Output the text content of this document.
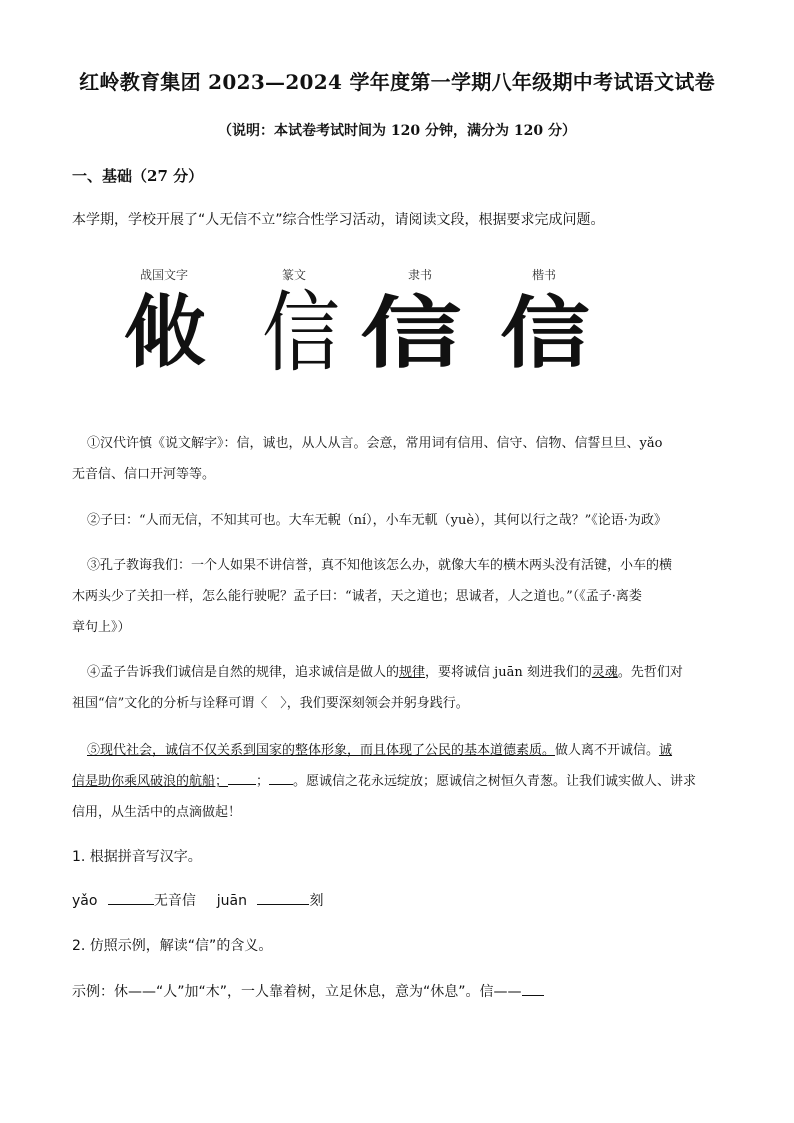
红岭教育集团 2023—2024 学年度第一学期八年级期中考试语文试卷
（说明：本试卷考试时间为 120 分钟，满分为 120 分）
一、基础（27 分）
本学期，学校开展了“人无信不立”综合性学习活动，请阅读文段，根据要求完成问题。
战国文字	篆文	隶书	楷书
𠈅 信 信 信

①汉代许慎《说文解字》：信，诚也，从人从言。会意，常用词有信用、信守、信物、信誓旦旦、yǎo

无音信、信口开河等等。

②子曰：“人而无信，不知其可也。大车无輗（ní），小车无軏（yuè），其何以行之哉？”《论语·为政》

③孔子教诲我们：一个人如果不讲信誉，真不知他该怎么办，就像大车的横木两头没有活键，小车的横

木两头少了关扣一样，怎么能行驶呢？孟子曰：“诚者，天之道也；思诚者，人之道也。”（《孟子·离娄

章句上》）

④孟子告诉我们诚信是自然的规律，追求诚信是做人的规律，要将诚信 juān 刻进我们的灵魂。先哲们对

祖国“信”文化的分析与诠释可谓〈　〉，我们要深刻领会并躬身践行。

⑤现代社会，诚信不仅关系到国家的整体形象，而且体现了公民的基本道德素质。做人离不开诚信。诚

信是助你乘风破浪的航船； ； 。愿诚信之花永远绽放；愿诚信之树恒久青葱。让我们诚实做人、讲求

信用，从生活中的点滴做起！

1. 根据拼音写汉字。
yǎo	无音信 juān	刻
2. 仿照示例，解读“信”的含义。
示例：休——“人”加“木”，一人靠着树，立足休息，意为“休息”。信——
